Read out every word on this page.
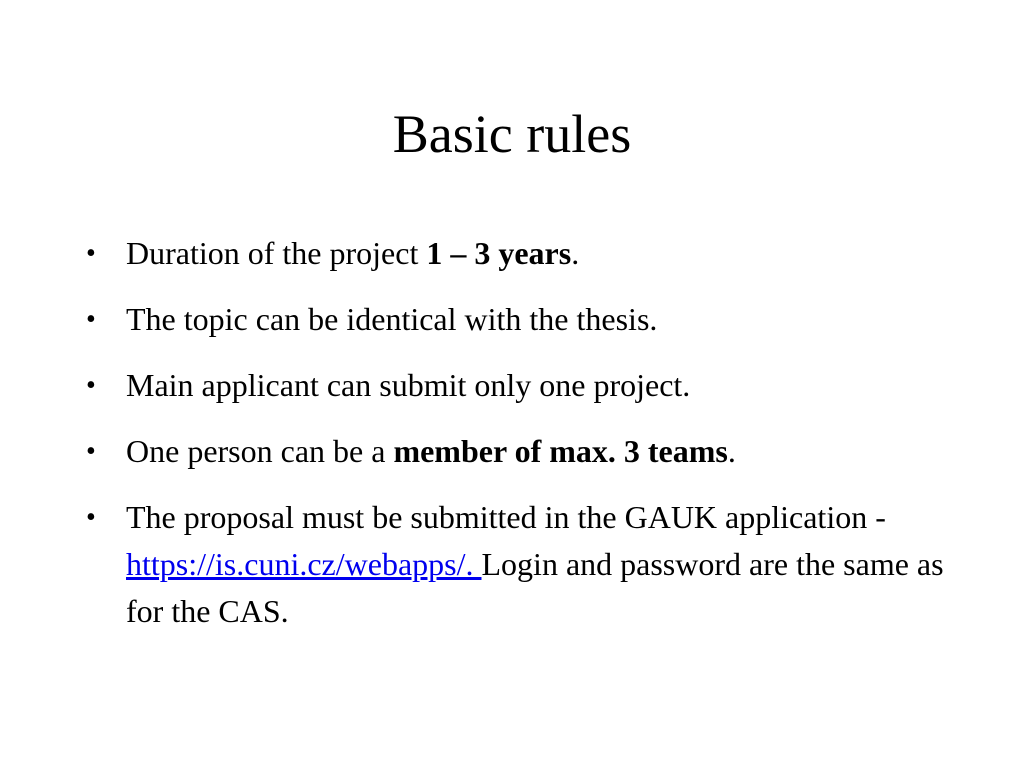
Basic rules
• Duration of the project 1 – 3 years.
• The topic can be identical with the thesis.
• Main applicant can submit only one project.
• One person can be a member of max. 3 teams.
• The proposal must be submitted in the GAUK application - https://is.cuni.cz/webapps/. Login and password are the same as for the CAS.
